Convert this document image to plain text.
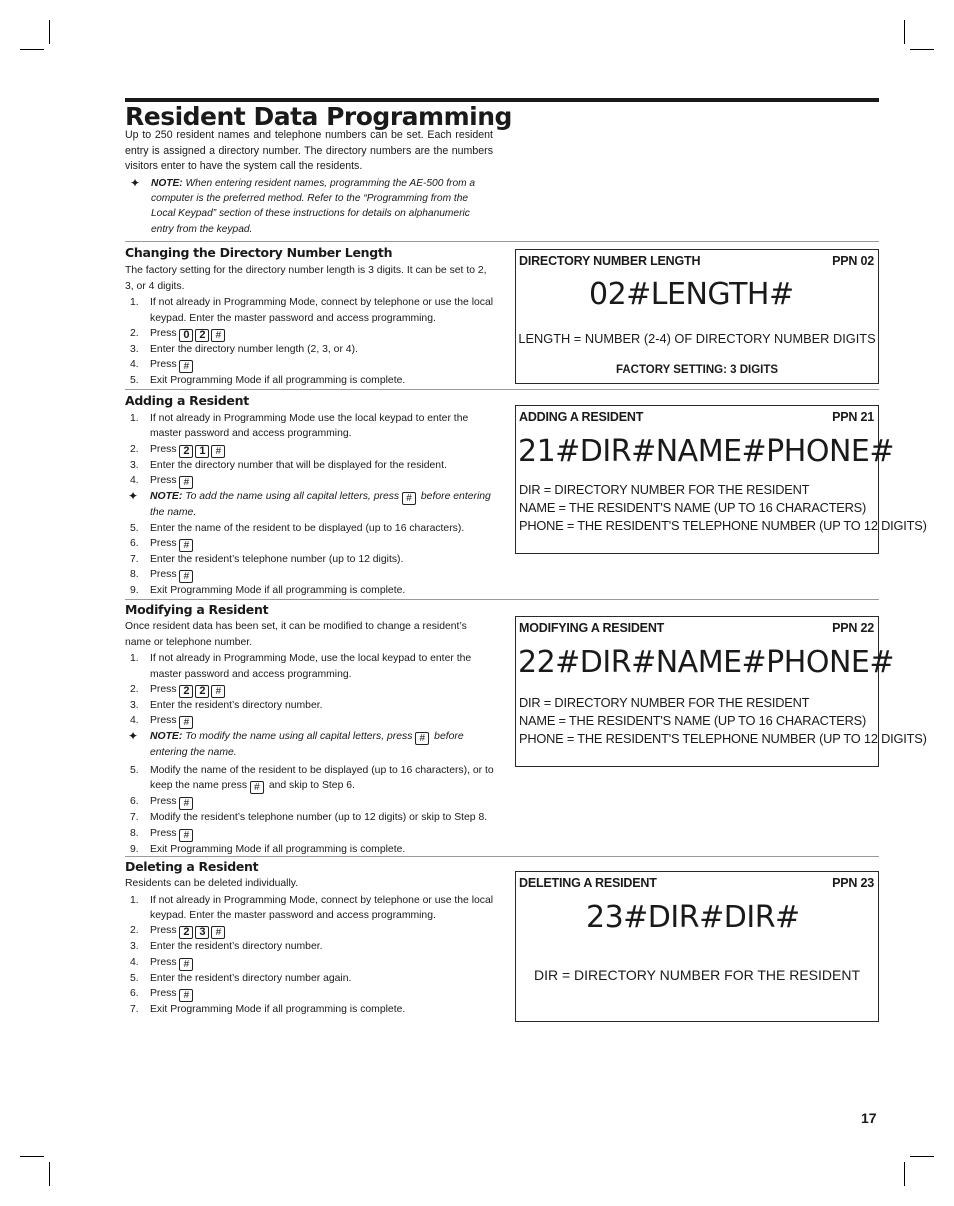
Resident Data Programming

Up to 250 resident names and telephone numbers can be set. Each resident entry is assigned a directory number. The directory numbers are the numbers visitors enter to have the system call the residents.

✦ NOTE: When entering resident names, programming the AE-500 from a computer is the preferred method. Refer to the “Programming from the Local Keypad” section of these instructions for details on alphanumeric entry from the keypad.
Changing the Directory Number Length

The factory setting for the directory number length is 3 digits. It can be set to 2, 3, or 4 digits.

1. If not already in Programming Mode, connect by telephone or use the local keypad. Enter the master password and access programming.
2. Press 0 2 #
3. Enter the directory number length (2, 3, or 4).
4. Press #
5. Exit Programming Mode if all programming is complete.
Adding a Resident
1. If not already in Programming Mode use the local keypad to enter the master password and access programming.
2. Press 2 1 #
3. Enter the directory number that will be displayed for the resident.
4. Press #
✦ NOTE: To add the name using all capital letters, press # before entering the name.
5. Enter the name of the resident to be displayed (up to 16 characters).
6. Press #
7. Enter the resident’s telephone number (up to 12 digits).
8. Press #
9. Exit Programming Mode if all programming is complete.
Modifying a Resident

Once resident data has been set, it can be modified to change a resident’s name or telephone number.

1. If not already in Programming Mode, use the local keypad to enter the master password and access programming.
2. Press 2 2 #
3. Enter the resident’s directory number.
4. Press #
✦ NOTE: To modify the name using all capital letters, press # before entering the name.
5. Modify the name of the resident to be displayed (up to 16 characters), or to keep the name press # and skip to Step 6.
6. Press #
7. Modify the resident’s telephone number (up to 12 digits) or skip to Step 8.
8. Press #
9. Exit Programming Mode if all programming is complete.
Deleting a Resident

Residents can be deleted individually.

1. If not already in Programming Mode, connect by telephone or use the local keypad. Enter the master password and access programming.
2. Press 2 3 #
3. Enter the resident’s directory number.
4. Press #
5. Enter the resident’s directory number again.
6. Press #
7. Exit Programming Mode if all programming is complete.
DIRECTORY NUMBER LENGTH	PPN 02
02#LENGTH#
LENGTH = NUMBER (2-4) OF DIRECTORY NUMBER DIGITS
FACTORY SETTING: 3 DIGITS
ADDING A RESIDENT	PPN 21
21#DIR#NAME#PHONE#
DIR = DIRECTORY NUMBER FOR THE RESIDENT
NAME = THE RESIDENT'S NAME (UP TO 16 CHARACTERS)
PHONE = THE RESIDENT'S TELEPHONE NUMBER (UP TO 12 DIGITS)
MODIFYING A RESIDENT	PPN 22
22#DIR#NAME#PHONE#
DIR = DIRECTORY NUMBER FOR THE RESIDENT
NAME = THE RESIDENT'S NAME (UP TO 16 CHARACTERS)
PHONE = THE RESIDENT'S TELEPHONE NUMBER (UP TO 12 DIGITS)
DELETING A RESIDENT	PPN 23
23#DIR#DIR#
DIR = DIRECTORY NUMBER FOR THE RESIDENT
17
